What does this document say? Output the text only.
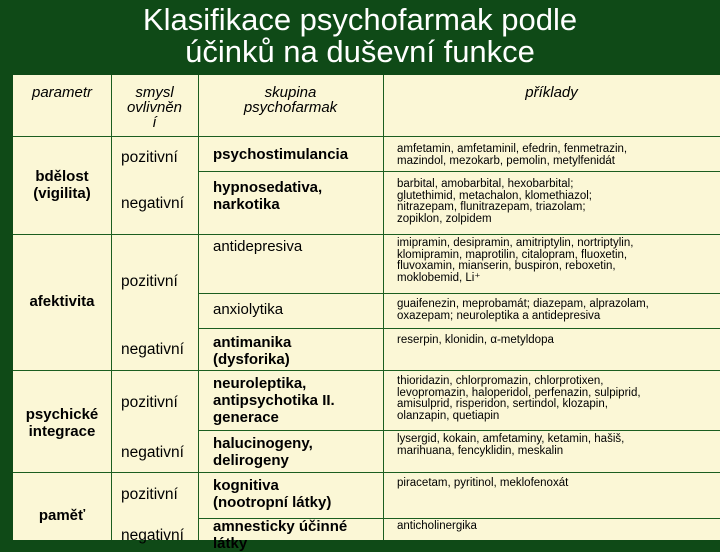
Klasifikace psychofarmak podle
účinků na duševní funkce
parametr	smysl
ovlivněn
í
skupina
psychofarmak
příklady
bdělost
(vigilita)
afektivita
psychické
integrace
paměť
pozitivní
negativní
pozitivní
negativní
pozitivní
negativní
pozitivní
negativní
psychostimulancia
hypnosedativa,
narkotika
antidepresiva
anxiolytika
antimanika
(dysforika)
neuroleptika,
antipsychotika II.
generace
halucinogeny,
delirogeny
kognitiva
(nootropní látky)
amnesticky účinné
látky
amfetamin, amfetaminil, efedrin, fenmetrazin,
mazindol, mezokarb, pemolin, metylfenidát
barbital, amobarbital, hexobarbital;
glutethimid, metachalon, klomethiazol;
nitrazepam, flunitrazepam, triazolam;
zopiklon, zolpidem
imipramin, desipramin, amitriptylin, nortriptylin,
klomipramin, maprotilin, citalopram, fluoxetin,
fluvoxamin, mianserin, buspiron, reboxetin,
moklobemid, Li⁺
guaifenezin, meprobamát; diazepam, alprazolam,
oxazepam; neuroleptika a antidepresiva
reserpin, klonidin, α-metyldopa
thioridazin, chlorpromazin, chlorprotixen,
levopromazin, haloperidol, perfenazin, sulpiprid,
amisulprid, risperidon, sertindol, klozapin,
olanzapin, quetiapin
lysergid, kokain, amfetaminy, ketamin, hašiš,
marihuana, fencyklidin, meskalin
piracetam, pyritinol, meklofenoxát
anticholinergika
